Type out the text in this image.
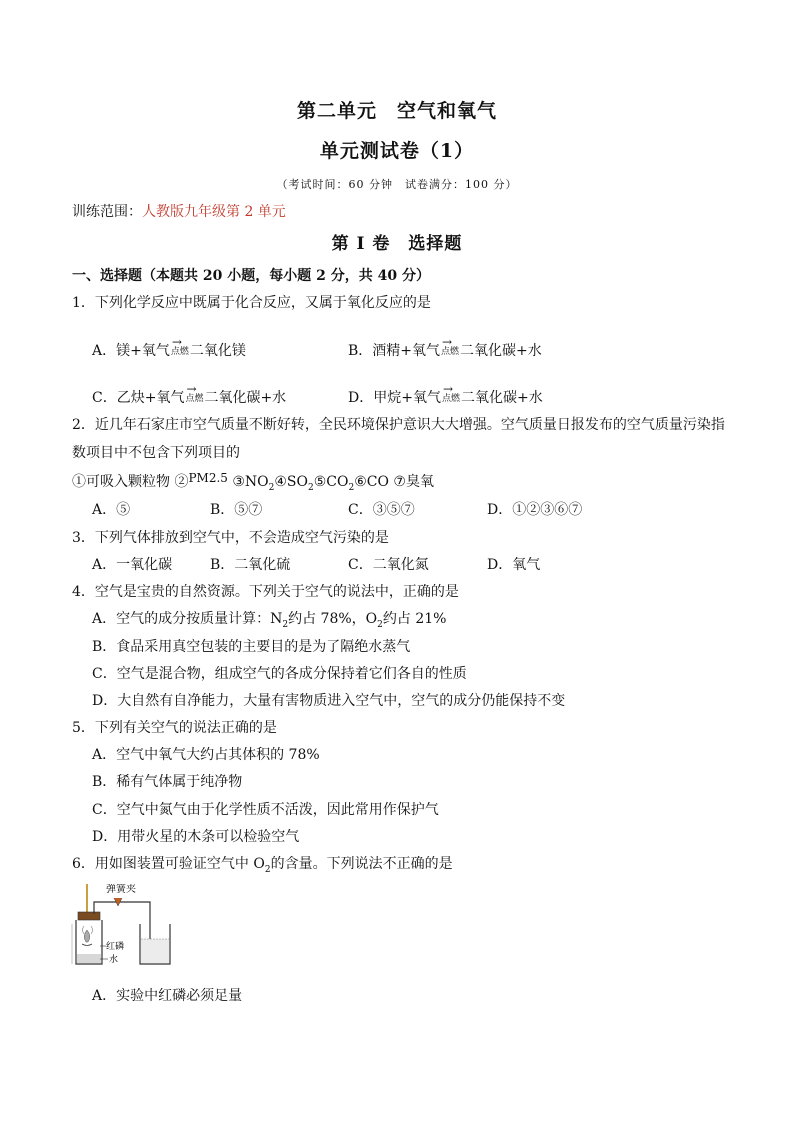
第二单元　空气和氧气
单元测试卷（1）
（考试时间：60 分钟　试卷满分：100 分）
训练范围：人教版九年级第 2 单元
第 I 卷　选择题
一、选择题（本题共 20 小题，每小题 2 分，共 40 分）
1．下列化学反应中既属于化合反应，又属于氧化反应的是
A．镁+氧气
→
点燃二氧化镁	B．酒精+氧气
→
点燃二氧化碳+水
C．乙炔+氧气
→
点燃二氧化碳+水	D．甲烷+氧气
→
点燃二氧化碳+水
2．近几年石家庄市空气质量不断好转，全民环境保护意识大大增强。空气质量日报发布的空气质量污染指
数项目中不包含下列项目的
①可吸入颗粒物 ②PM2.5 $③NO_2④SO_2⑤CO_2⑥CO$ ⑦臭氧
A．⑤	B．⑤⑦	C．③⑤⑦	D．①②③⑥⑦
3．下列气体排放到空气中，不会造成空气污染的是
A．一氧化碳	B．二氧化硫	C．二氧化氮	D．氧气
4．空气是宝贵的自然资源。下列关于空气的说法中，正确的是
A．空气的成分按质量计算：$N_2$约占 78%，$O_2$约占 21%
B．食品采用真空包装的主要目的是为了隔绝水蒸气
C．空气是混合物，组成空气的各成分保持着它们各自的性质
D．大自然有自净能力，大量有害物质进入空气中，空气的成分仍能保持不变
5．下列有关空气的说法正确的是
A．空气中氧气大约占其体积的 78%
B．稀有气体属于纯净物
C．空气中氮气由于化学性质不活泼，因此常用作保护气
D．用带火星的木条可以检验空气
6．用如图装置可验证空气中 $O_2$的含量。下列说法不正确的是
弹簧夹
红磷
水
A．实验中红磷必须足量
